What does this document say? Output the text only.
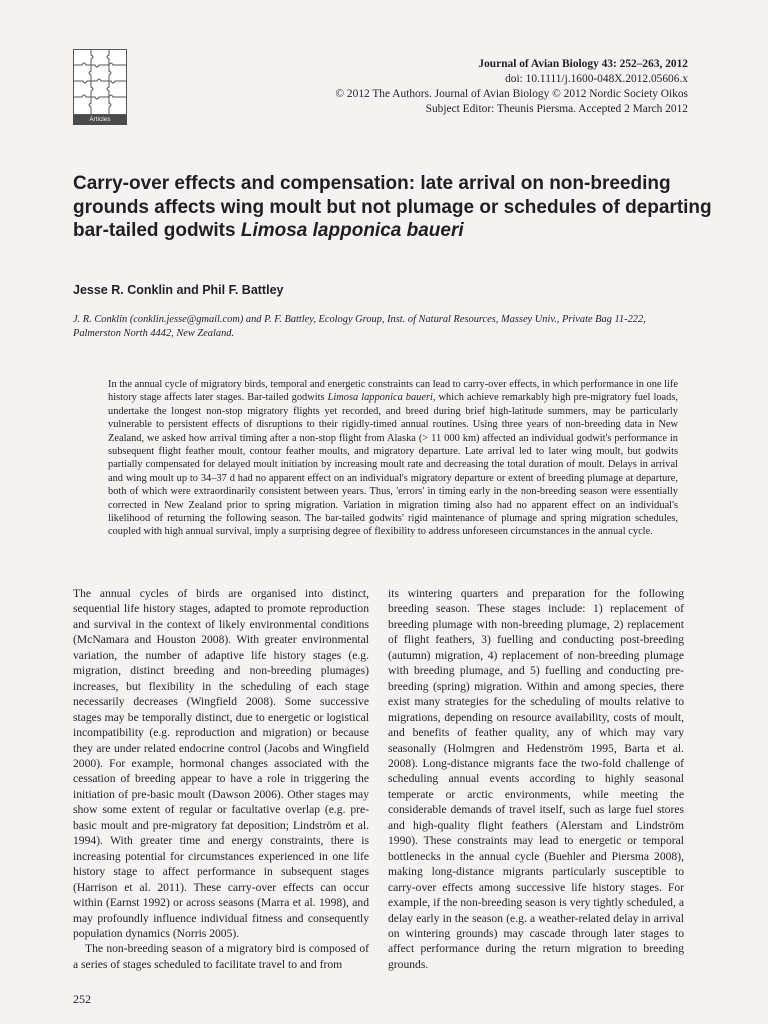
Articles
Journal of Avian Biology 43: 252–263, 2012
doi: 10.1111/j.1600-048X.2012.05606.x
© 2012 The Authors. Journal of Avian Biology © 2012 Nordic Society Oikos
Subject Editor: Theunis Piersma. Accepted 2 March 2012
Carry-over effects and compensation: late arrival on non-breeding grounds affects wing moult but not plumage or schedules of departing bar-tailed godwits Limosa lapponica baueri

Jesse R. Conklin and Phil F. Battley

J. R. Conklin (conklin.jesse@gmail.com) and P. F. Battley, Ecology Group, Inst. of Natural Resources, Massey Univ., Private Bag 11-222, Palmerston North 4442, New Zealand.

In the annual cycle of migratory birds, temporal and energetic constraints can lead to carry-over effects, in which performance in one life history stage affects later stages. Bar-tailed godwits Limosa lapponica baueri, which achieve remarkably high pre-migratory fuel loads, undertake the longest non-stop migratory flights yet recorded, and breed during brief high-latitude summers, may be particularly vulnerable to persistent effects of disruptions to their rigidly-timed annual routines. Using three years of non-breeding data in New Zealand, we asked how arrival timing after a non-stop flight from Alaska (> 11 000 km) affected an individual godwit's performance in subsequent flight feather moult, contour feather moults, and migratory departure. Late arrival led to later wing moult, but godwits partially compensated for delayed moult initiation by increasing moult rate and decreasing the total duration of moult. Delays in arrival and wing moult up to 34–37 d had no apparent effect on an individual's migratory departure or extent of breeding plumage at departure, both of which were extraordinarily consistent between years. Thus, 'errors' in timing early in the non-breeding season were essentially corrected in New Zealand prior to spring migration. Variation in migration timing also had no apparent effect on an individual's likelihood of returning the following season. The bar-tailed godwits' rigid maintenance of plumage and spring migration schedules, coupled with high annual survival, imply a surprising degree of flexibility to address unforeseen circumstances in the annual cycle.

The annual cycles of birds are organised into distinct, sequential life history stages, adapted to promote reproduction and survival in the context of likely environmental conditions (McNamara and Houston 2008). With greater environmental variation, the number of adaptive life history stages (e.g. migration, distinct breeding and non-breeding plumages) increases, but flexibility in the scheduling of each stage necessarily decreases (Wingfield 2008). Some successive stages may be temporally distinct, due to energetic or logistical incompatibility (e.g. reproduction and migration) or because they are under related endocrine control (Jacobs and Wingfield 2000). For example, hormonal changes associated with the cessation of breeding appear to have a role in triggering the initiation of pre-basic moult (Dawson 2006). Other stages may show some extent of regular or facultative overlap (e.g. pre-basic moult and pre-migratory fat deposition; Lindström et al. 1994). With greater time and energy constraints, there is increasing potential for circumstances experienced in one life history stage to affect performance in subsequent stages (Harrison et al. 2011). These carry-over effects can occur within (Earnst 1992) or across seasons (Marra et al. 1998), and may profoundly influence individual fitness and consequently population dynamics (Norris 2005).

The non-breeding season of a migratory bird is composed of a series of stages scheduled to facilitate travel to and from

its wintering quarters and preparation for the following breeding season. These stages include: 1) replacement of breeding plumage with non-breeding plumage, 2) replacement of flight feathers, 3) fuelling and conducting post-breeding (autumn) migration, 4) replacement of non-breeding plumage with breeding plumage, and 5) fuelling and conducting pre-breeding (spring) migration. Within and among species, there exist many strategies for the scheduling of moults relative to migrations, depending on resource availability, costs of moult, and benefits of feather quality, any of which may vary seasonally (Holmgren and Hedenström 1995, Barta et al. 2008). Long-distance migrants face the two-fold challenge of scheduling annual events according to highly seasonal temperate or arctic environments, while meeting the considerable demands of travel itself, such as large fuel stores and high-quality flight feathers (Alerstam and Lindström 1990). These constraints may lead to energetic or temporal bottlenecks in the annual cycle (Buehler and Piersma 2008), making long-distance migrants particularly susceptible to carry-over effects among successive life history stages. For example, if the non-breeding season is very tightly scheduled, a delay early in the season (e.g. a weather-related delay in arrival on wintering grounds) may cascade through later stages to affect performance during the return migration to breeding grounds.

252
